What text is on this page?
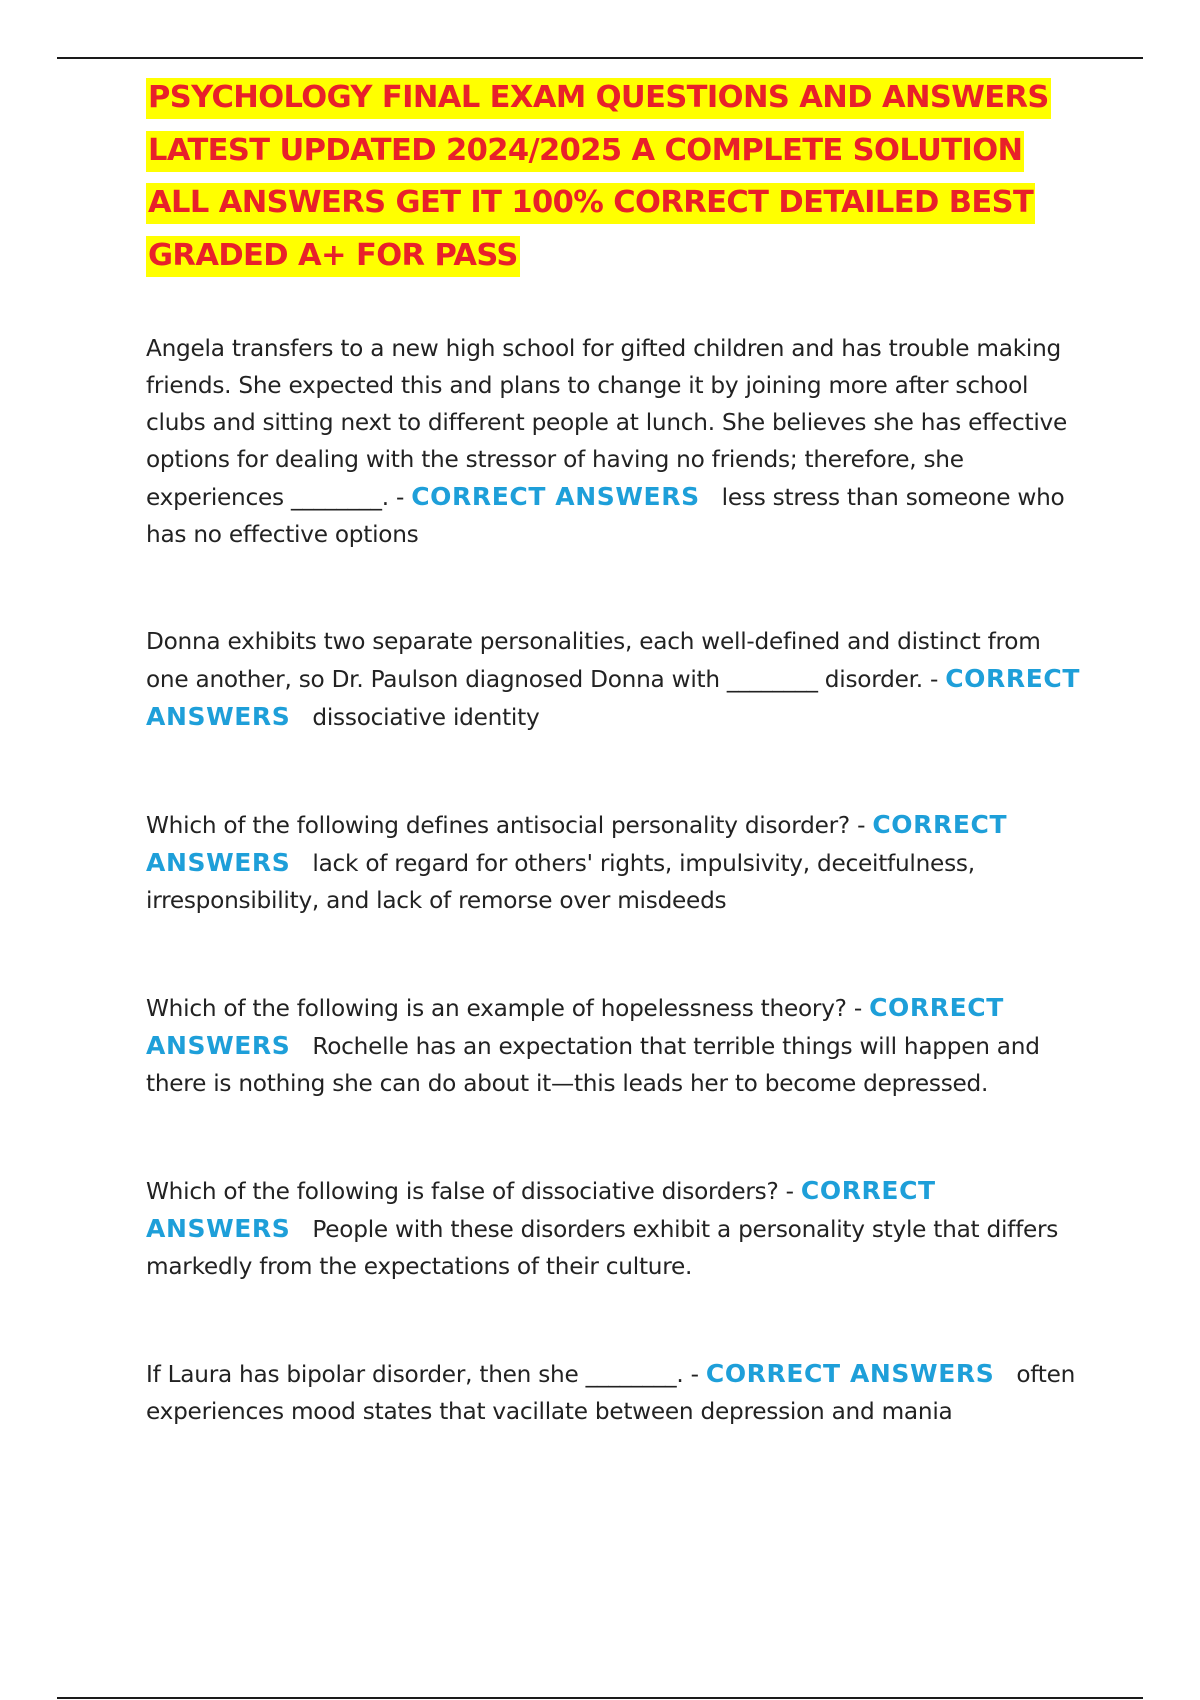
PSYCHOLOGY FINAL EXAM QUESTIONS AND ANSWERS LATEST UPDATED 2024/2025 A COMPLETE SOLUTION ALL ANSWERS GET IT 100% CORRECT DETAILED BEST GRADED A+ FOR PASS

Angela transfers to a new high school for gifted children and has trouble making friends. She expected this and plans to change it by joining more after school clubs and sitting next to different people at lunch. She believes she has effective options for dealing with the stressor of having no friends; therefore, she experiences ________. - CORRECT ANSWERS less stress than someone who has no effective options

Donna exhibits two separate personalities, each well-defined and distinct from one another, so Dr. Paulson diagnosed Donna with ________ disorder. - CORRECT ANSWERS dissociative identity

Which of the following defines antisocial personality disorder? - CORRECT ANSWERS lack of regard for others' rights, impulsivity, deceitfulness, irresponsibility, and lack of remorse over misdeeds

Which of the following is an example of hopelessness theory? - CORRECT ANSWERS Rochelle has an expectation that terrible things will happen and there is nothing she can do about it—this leads her to become depressed.

Which of the following is false of dissociative disorders? - CORRECT ANSWERS People with these disorders exhibit a personality style that differs markedly from the expectations of their culture.

If Laura has bipolar disorder, then she ________. - CORRECT ANSWERS often experiences mood states that vacillate between depression and mania
